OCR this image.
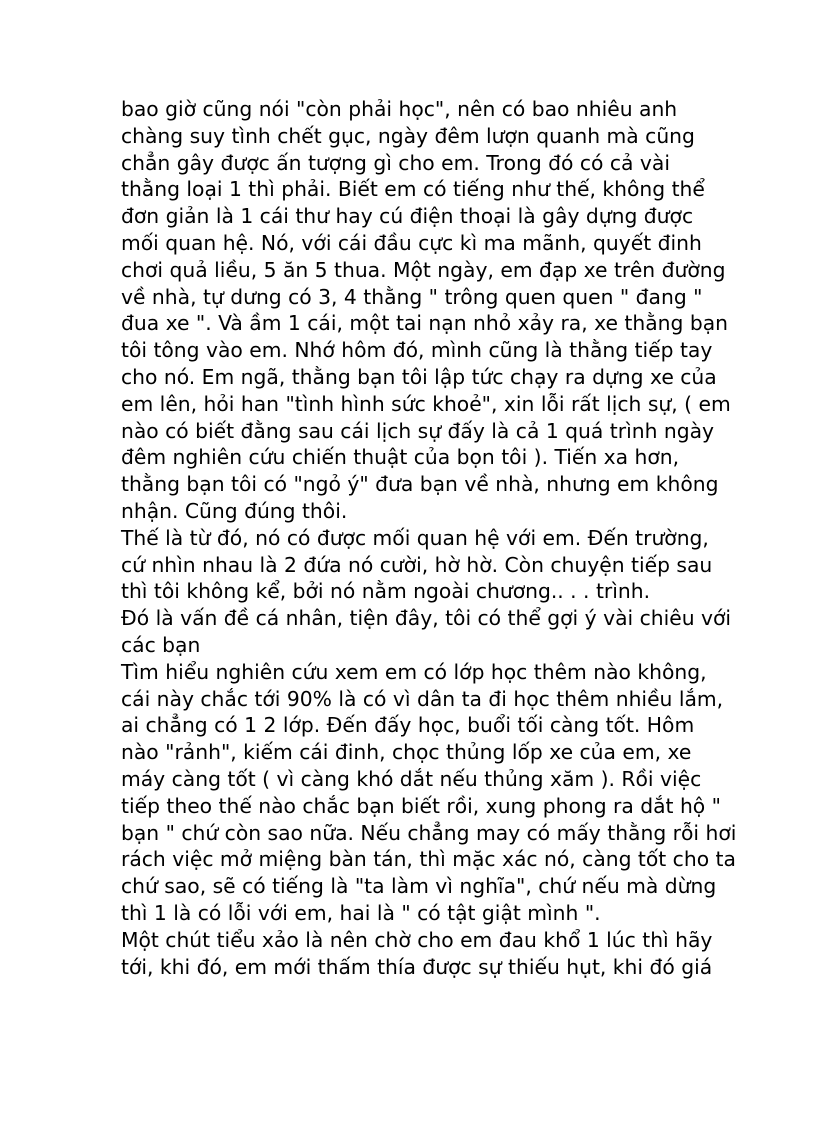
bao giờ cũng nói "còn phải học", nên có bao nhiêu anh
chàng suy tình chết gục, ngày đêm lượn quanh mà cũng
chẳn gây được ấn tượng gì cho em. Trong đó có cả vài
thằng loại 1 thì phải. Biết em có tiếng như thế, không thể
đơn giản là 1 cái thư hay cú điện thoại là gây dựng được
mối quan hệ. Nó, với cái đầu cực kì ma mãnh, quyết đinh
chơi quả liều, 5 ăn 5 thua. Một ngày, em đạp xe trên đường
về nhà, tự dưng có 3, 4 thằng " trông quen quen " đang "
đua xe ". Và ầm 1 cái, một tai nạn nhỏ xảy ra, xe thằng bạn
tôi tông vào em. Nhớ hôm đó, mình cũng là thằng tiếp tay
cho nó. Em ngã, thằng bạn tôi lập tức chạy ra dựng xe của
em lên, hỏi han "tình hình sức khoẻ", xin lỗi rất lịch sự, ( em
nào có biết đằng sau cái lịch sự đấy là cả 1 quá trình ngày
đêm nghiên cứu chiến thuật của bọn tôi ). Tiến xa hơn,
thằng bạn tôi có "ngỏ ý" đưa bạn về nhà, nhưng em không
nhận. Cũng đúng thôi.

Thế là từ đó, nó có được mối quan hệ với em. Đến trường,
cứ nhìn nhau là 2 đứa nó cười, hờ hờ. Còn chuyện tiếp sau
thì tôi không kể, bởi nó nằm ngoài chương.. . . trình.

Đó là vấn đề cá nhân, tiện đây, tôi có thể gợi ý vài chiêu với
các bạn

Tìm hiểu nghiên cứu xem em có lớp học thêm nào không,
cái này chắc tới 90% là có vì dân ta đi học thêm nhiều lắm,
ai chẳng có 1 2 lớp. Đến đấy học, buổi tối càng tốt. Hôm
nào "rảnh", kiếm cái đinh, chọc thủng lốp xe của em, xe
máy càng tốt ( vì càng khó dắt nếu thủng xăm ). Rồi việc
tiếp theo thế nào chắc bạn biết rồi, xung phong ra dắt hộ "
bạn " chứ còn sao nữa. Nếu chẳng may có mấy thằng rỗi hơi
rách việc mở miệng bàn tán, thì mặc xác nó, càng tốt cho ta
chứ sao, sẽ có tiếng là "ta làm vì nghĩa", chứ nếu mà dừng
thì 1 là có lỗi với em, hai là " có tật giật mình ".

Một chút tiểu xảo là nên chờ cho em đau khổ 1 lúc thì hãy
tới, khi đó, em mới thấm thía được sự thiếu hụt, khi đó giá
